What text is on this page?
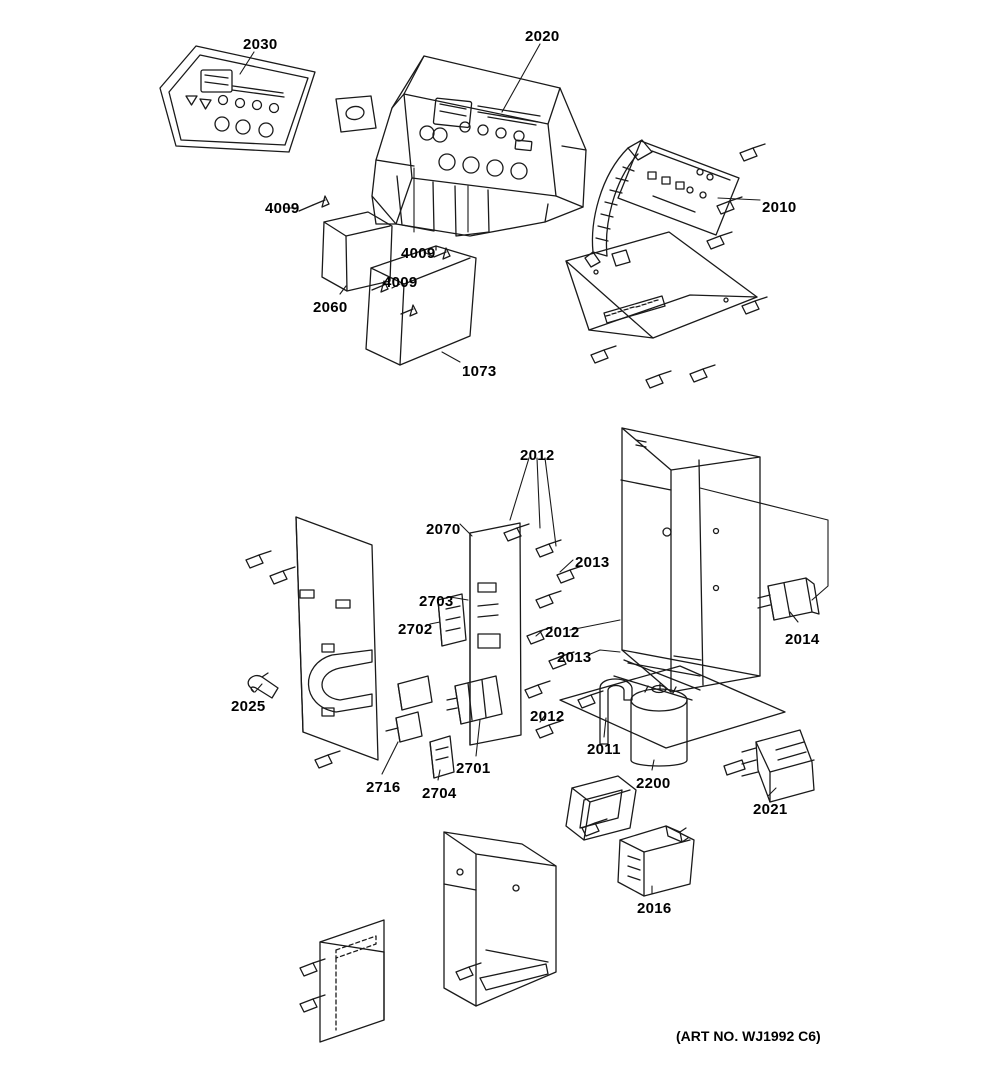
2030	2020
2010
4009
4009
4009
2060
1073
2012
2070
2013
2703
2702	2012	2014
2013
2025
2012
2011
2701
2200
2716 2704
2021
2016
(ART NO. WJ1992 C6)
